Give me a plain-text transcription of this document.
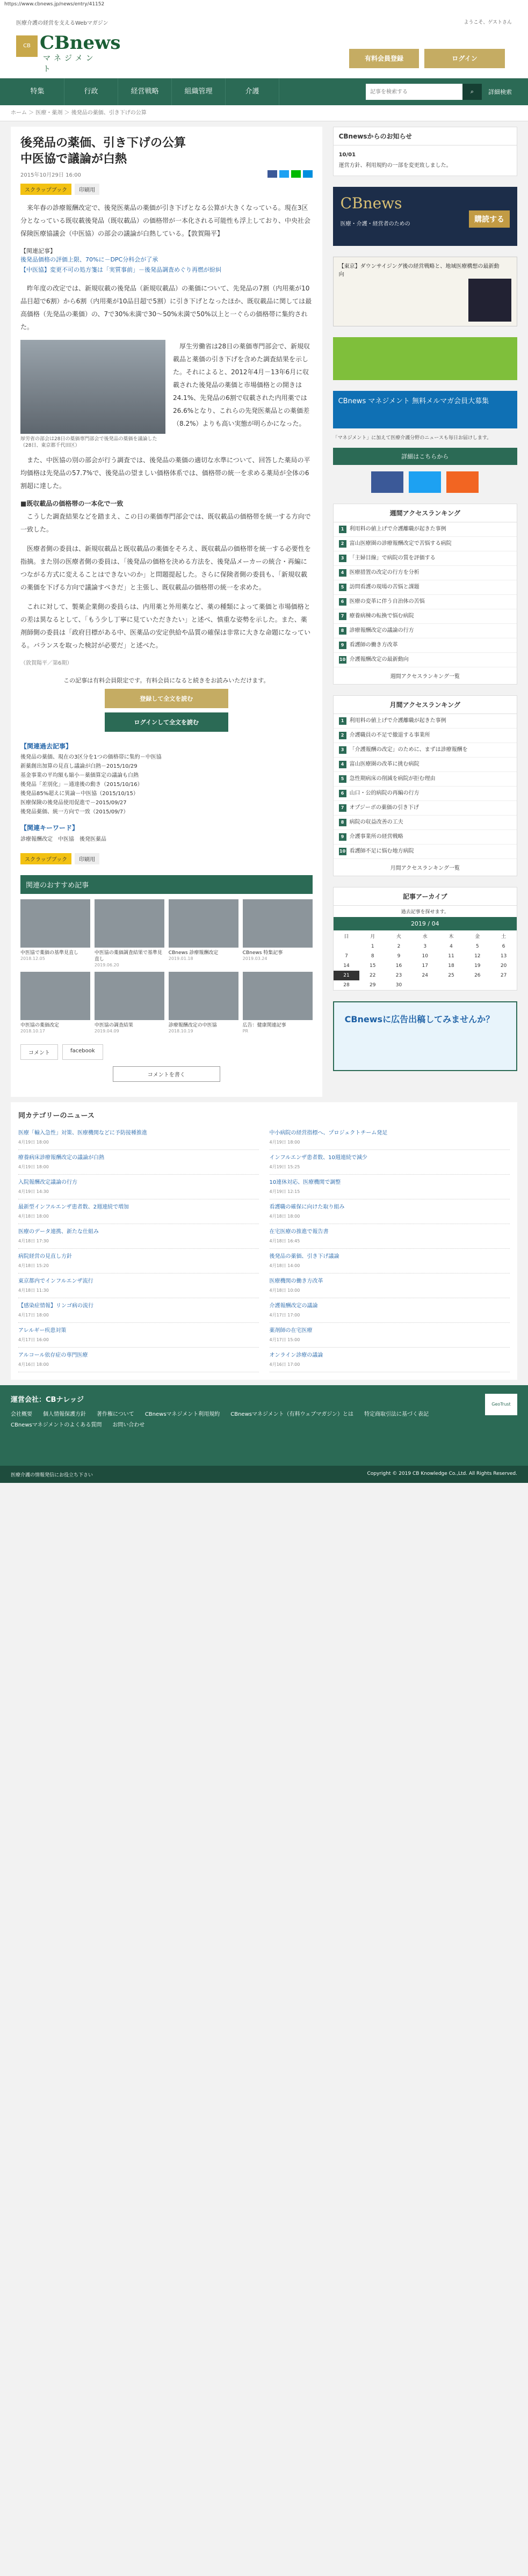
https://www.cbnews.jp/news/entry/41152
医療介護の経営を支えるWebマガジン
CB CBnews
マネジメント
ようこそ、ゲストさん
有料会員登録	ログイン
特集	行政	経営戦略	組織管理	介護
記事を検索する	⌕	詳細検索
ホーム ＞ 医療・薬剤 ＞ 後発品の薬価、引き下げの公算
後発品の薬価、引き下げの公算
中医協で議論が白熱
2015年10月29日 16:00
スクラップブック	印刷用

来年春の診療報酬改定で、後発医薬品の薬価が引き下げとなる公算が大きくなっている。現在3区分となっている既収載後発品（既収載品）の価格帯が一本化される可能性も浮上しており、中央社会保険医療協議会（中医協）の部会の議論が白熱している。【敦賀陽平】

【関連記事】
後発品価格の評価上限、70%に－DPC分科会が了承
【中医協】変更不可の処方箋は「実質事前」－後発品調査めぐり再燃が紛糾

昨年度の改定では、新規収載の後発品（新規収載品）の薬価について、先発品の7割（内用薬が10品目超で6割）から6割（内用薬が10品目超で5割）に引き下げとなったほか、既収載品に関しては最高価格（先発品の薬価）の、7で30%未満で30～50%未満で50%以上と一ぐらの価格帯に集約された。

厚労省の部会は28日の薬価専門部会で後発品の薬価を議論した（28日、東京都千代田区）

厚生労働省は28日の薬価専門部会で、新規収載品と薬価の引き下げを含めた調査結果を示した。それによると、2012年4月－13年6月に収載された後発品の薬価と市場価格との開きは24.1%、先発品の6割で収載された内用薬では26.6%となり、これらの先発医薬品との薬価差（8.2%）よりも高い実態が明らかになった。

また、中医協の別の部会が行う調査では、後発品の薬価の適切な水準について、回答した薬局の平均価格は先発品の57.7%で、後発品の望ましい価格体系では、価格帯の統一を求める薬局が全体の6割超に達した。

■既収載品の価格帯の一本化で一致

こうした調査結果などを踏まえ、この日の薬価専門部会では、既収載品の価格帯を統一する方向で一致した。

医療者側の委員は、新規収載品と既収載品の薬価をそろえ、既収載品の価格帯を統一する必要性を指摘。また別の医療者側の委員は、「後発品の価格を決める方法を、後発品メーカーの統合・再編につながる方式に変えることはできないのか」と問題提起した。さらに保険者側の委員も、「新規収載の薬価を下げる方向で議論すべきだ」と主張し、既収載品の価格帯の統一を求めた。

これに対して、製薬企業側の委員らは、内用薬と外用薬など、薬の種類によって薬価と市場価格との差は異なるとして、「もう少し丁寧に見ていただきたい」と述べ、慎重な姿勢を示した。また、薬剤師側の委員は「政府目標がある中、医薬品の安定供給や品質の確保は非常に大きな命題になっている。バランスを取った検討が必要だ」と述べた。

（敦賀陽平／第6期）
この記事は有料会員限定です。有料会員になると続きをお読みいただけます。
登録して全文を読む
ログインして全文を読む
【関連過去記事】
後発品の薬価、現在の3区分を1つの価格帯に集約－中医協
新薬創出加算の見直し議論が白熱－2015/10/29
基金事業の平均額も縮小－薬価算定の議論も白熱
後発品「差別化」－通達後の動き（2015/10/16）
後発品85%超えに異論－中医協（2015/10/15）
医療保険の後発品使用促進で－2015/09/27
後発品薬価、統一方向で一致（2015/09/7）
【関連キーワード】
診療報酬改定　中医協　後発医薬品
スクラップブック	印刷用
関連のおすすめ記事
中医協で薬価の基準見直し
2018.12.05
中医協の薬価調査結果で基準見直し
2019.06.20
CBnews 診療報酬改定
2019.01.18
CBnews 特集記事
2019.03.24
中医協の薬価改定
2018.10.17
中医協の調査結果
2019.04.09
診療報酬改定の中医協
2018.10.19
広告：健康関連記事
PR
コメント	facebook
コメントを書く
CBnewsからのお知らせ
10/01
運営方針、利用規約の一部を変更致しました。
CBnews
医療・介護・経営者のための
購読する
【東京】ダウンサイジング後の経営戦略と、地域医療構想の最新動向
CBnews マネジメント 無料メルマガ会員大募集
「マネジメント」に加えて医療介護分野のニュースも毎日お届けします。
詳細はこちらから
週間アクセスランキング
1 利用料の値上げで介護離職が起きた事例
2 富山医療圏の診療報酬改定で苦悩する病院
3 「主婦目線」で病院の質を評価する
4 医療措置の改定の行方を分析
5 訪問看護の現場の苦悩と課題
6 医療の変革に伴う自治体の苦悩
7 療養病棟の転換で悩む病院
8 診療報酬改定の議論の行方
9 看護師の働き方改革
10 介護報酬改定の最新動向
週間アクセスランキング一覧
月間アクセスランキング
1 利用料の値上げで介護離職が起きた事例
2 介護職員の不足で撤退する事業所
3 「介護報酬の改定」のために、まずは診療報酬を
4 富山医療圏の改革に挑む病院
5 急性期病床の削減を病院が拒む理由
6 山口・公的病院の再編の行方
7 オプジーボの薬価の引き下げ
8 病院の収益改善の工夫
9 介護事業所の経営戦略
10 看護師不足に悩む地方病院
月間アクセスランキング一覧
記事アーカイブ
過去記事を探せます。
2019 / 04
日	月	火	水	木	金	土
	1	2	3	4	5	6
7	8	9	10	11	12	13
14	15	16	17	18	19	20
21	22	23	24	25	26	27
28	29	30				
CBnewsに広告出稿してみませんか？
同カテゴリーのニュース
医療「輸入急性」対策、医療機関などに予防接種推進
4月19日 18:00
中小病院の経営指標へ、プロジェクトチーム発足
4月19日 18:00
療養病床診療報酬改定の議論が白熱
4月19日 18:00
インフルエンザ患者数、10週連続で減少
4月19日 15:25
入院報酬改定議論の行方
4月19日 14:30
10連休対応、医療機関で調整
4月19日 12:15
最新型インフルエンザ患者数、2週連続で増加
4月18日 18:00
看護職の確保に向けた取り組み
4月18日 18:00
医療のデータ連携、新たな仕組み
4月18日 17:30
在宅医療の推進で報告書
4月18日 16:45
病院経営の見直し方針
4月18日 15:20
後発品の薬価、引き下げ議論
4月18日 14:00
東京都内でインフルエンザ流行
4月18日 11:30
医療機関の働き方改革
4月18日 10:00
【感染症情報】リンゴ病の流行
4月17日 18:00
介護報酬改定の議論
4月17日 17:00
アレルギー疾患対策
4月17日 16:00
薬剤師の在宅医療
4月17日 15:00
アルコール依存症の専門医療
4月16日 18:00
オンライン診療の議論
4月16日 17:00
運営会社：CBナレッジ
会社概要 個人情報保護方針 著作権について CBnewsマネジメント利用規約 CBnewsマネジメント（有料ウェブマガジン）とは 特定商取引法に基づく表記CBnewsマネジメントのよくある質問 お問い合わせ
GeoTrust
医療介護の情報発信にお役立ち下さい	Copyright © 2019 CB Knowledge Co.,Ltd. All Rights Reserved.
